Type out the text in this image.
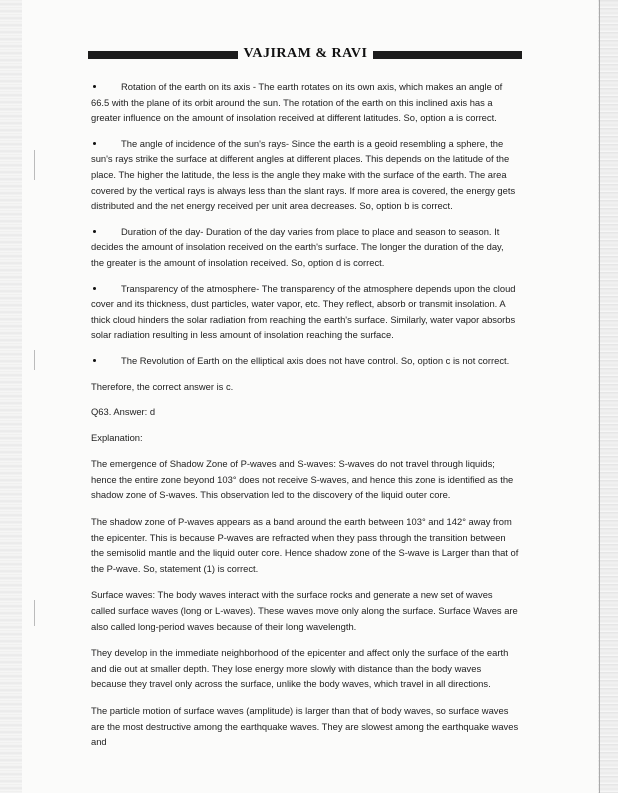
VAJIRAM & RAVI

Rotation of the earth on its axis - The earth rotates on its own axis, which makes an angle of 66.5 with the plane of its orbit around the sun. The rotation of the earth on this inclined axis has a greater influence on the amount of insolation received at different latitudes. So, option a is correct.

The angle of incidence of the sun's rays- Since the earth is a geoid resembling a sphere, the sun's rays strike the surface at different angles at different places. This depends on the latitude of the place. The higher the latitude, the less is the angle they make with the surface of the earth. The area covered by the vertical rays is always less than the slant rays. If more area is covered, the energy gets distributed and the net energy received per unit area decreases. So, option b is correct.

Duration of the day- Duration of the day varies from place to place and season to season. It decides the amount of insolation received on the earth's surface. The longer the duration of the day, the greater is the amount of insolation received. So, option d is correct.

Transparency of the atmosphere- The transparency of the atmosphere depends upon the cloud cover and its thickness, dust particles, water vapor, etc. They reflect, absorb or transmit insolation. A thick cloud hinders the solar radiation from reaching the earth's surface. Similarly, water vapor absorbs solar radiation resulting in less amount of insolation reaching the surface.

The Revolution of Earth on the elliptical axis does not have control. So, option c is not correct.

Therefore, the correct answer is c.

Q63. Answer: d

Explanation:

The emergence of Shadow Zone of P-waves and S-waves: S-waves do not travel through liquids; hence the entire zone beyond 103° does not receive S-waves, and hence this zone is identified as the shadow zone of S-waves. This observation led to the discovery of the liquid outer core.

The shadow zone of P-waves appears as a band around the earth between 103° and 142° away from the epicenter. This is because P-waves are refracted when they pass through the transition between the semisolid mantle and the liquid outer core. Hence shadow zone of the S-wave is Larger than that of the P-wave. So, statement (1) is correct.

Surface waves: The body waves interact with the surface rocks and generate a new set of waves called surface waves (long or L-waves). These waves move only along the surface. Surface Waves are also called long-period waves because of their long wavelength.

They develop in the immediate neighborhood of the epicenter and affect only the surface of the earth and die out at smaller depth. They lose energy more slowly with distance than the body waves because they travel only across the surface, unlike the body waves, which travel in all directions.

The particle motion of surface waves (amplitude) is larger than that of body waves, so surface waves are the most destructive among the earthquake waves. They are slowest among the earthquake waves and
